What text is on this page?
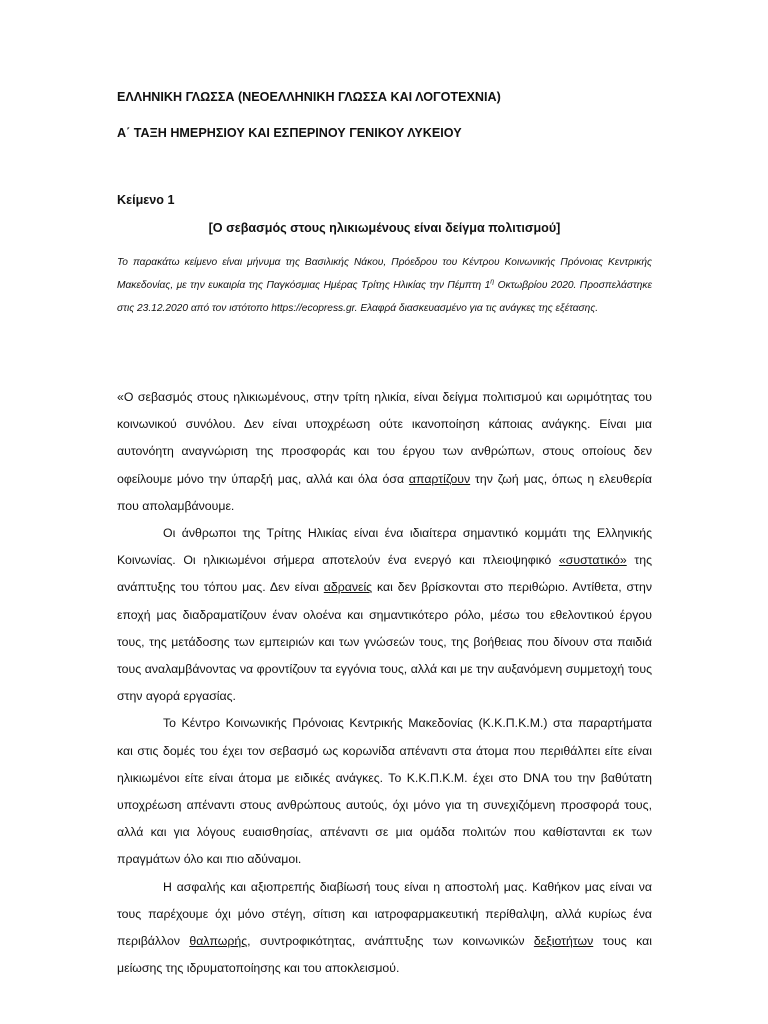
ΕΛΛΗΝΙΚΗ ΓΛΩΣΣΑ (ΝΕΟΕΛΛΗΝΙΚΗ ΓΛΩΣΣΑ ΚΑΙ ΛΟΓΟΤΕΧΝΙΑ)
Α΄ ΤΑΞΗ ΗΜΕΡΗΣΙΟΥ ΚΑΙ ΕΣΠΕΡΙΝΟΥ ΓΕΝΙΚΟΥ ΛΥΚΕΙΟΥ
Κείμενο 1
[Ο σεβασμός στους ηλικιωμένους είναι δείγμα πολιτισμού]

Το παρακάτω κείμενο είναι μήνυμα της Βασιλικής Νάκου, Πρόεδρου του Κέντρου Κοινωνικής Πρόνοιας Κεντρικής Μακεδονίας, με την ευκαιρία της Παγκόσμιας Ημέρας Τρίτης Ηλικίας την Πέμπτη $1^\eta$ Οκτωβρίου 2020. Προσπελάστηκε στις 23.12.2020 από τον ιστότοπο https://ecopress.gr. Ελαφρά διασκευασμένο για τις ανάγκες της εξέτασης.

«Ο σεβασμός στους ηλικιωμένους, στην τρίτη ηλικία, είναι δείγμα πολιτισμού και ωριμότητας του κοινωνικού συνόλου. Δεν είναι υποχρέωση ούτε ικανοποίηση κάποιας ανάγκης. Είναι μια αυτονόητη αναγνώριση της προσφοράς και του έργου των ανθρώπων, στους οποίους δεν οφείλουμε μόνο την ύπαρξή μας, αλλά και όλα όσα απαρτίζουν την ζωή μας, όπως η ελευθερία που απολαμβάνουμε.

Οι άνθρωποι της Τρίτης Ηλικίας είναι ένα ιδιαίτερα σημαντικό κομμάτι της Ελληνικής Κοινωνίας. Οι ηλικιωμένοι σήμερα αποτελούν ένα ενεργό και πλειοψηφικό «συστατικό» της ανάπτυξης του τόπου μας. Δεν είναι αδρανείς και δεν βρίσκονται στο περιθώριο. Αντίθετα, στην εποχή μας διαδραματίζουν έναν ολοένα και σημαντικότερο ρόλο, μέσω του εθελοντικού έργου τους, της μετάδοσης των εμπειριών και των γνώσεών τους, της βοήθειας που δίνουν στα παιδιά τους αναλαμβάνοντας να φροντίζουν τα εγγόνια τους, αλλά και με την αυξανόμενη συμμετοχή τους στην αγορά εργασίας.

Το Κέντρο Κοινωνικής Πρόνοιας Κεντρικής Μακεδονίας (Κ.Κ.Π.Κ.Μ.) στα παραρτήματα και στις δομές του έχει τον σεβασμό ως κορωνίδα απέναντι στα άτομα που περιθάλπει είτε είναι ηλικιωμένοι είτε είναι άτομα με ειδικές ανάγκες. Το Κ.Κ.Π.Κ.Μ. έχει στο DNA του την βαθύτατη υποχρέωση απέναντι στους ανθρώπους αυτούς, όχι μόνο για τη συνεχιζόμενη προσφορά τους, αλλά και για λόγους ευαισθησίας, απέναντι σε μια ομάδα πολιτών που καθίστανται εκ των πραγμάτων όλο και πιο αδύναμοι.

Η ασφαλής και αξιοπρεπής διαβίωσή τους είναι η αποστολή μας. Καθήκον μας είναι να τους παρέχουμε όχι μόνο στέγη, σίτιση και ιατροφαρμακευτική περίθαλψη, αλλά κυρίως ένα περιβάλλον θαλπωρής, συντροφικότητας, ανάπτυξης των κοινωνικών δεξιοτήτων τους και μείωσης της ιδρυματοποίησης και του αποκλεισμού.
